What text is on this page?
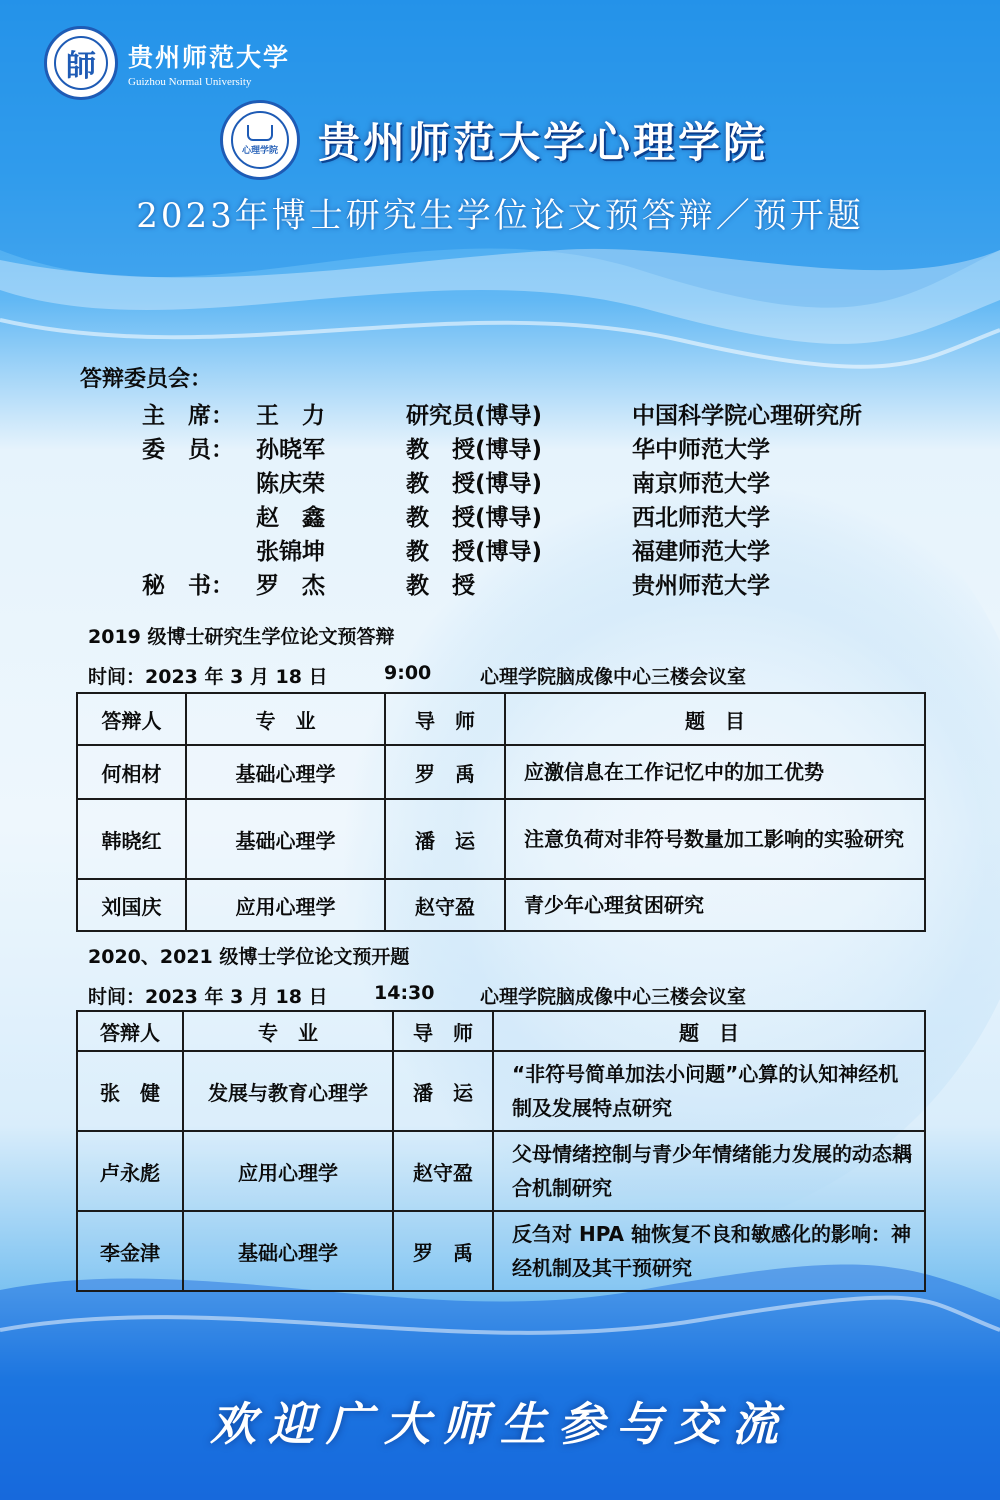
師	贵州师范大学
Guizhou Normal University
心理学院 贵州师范大学心理学院
2023年博士研究生学位论文预答辩／预开题
答辩委员会：
主　席： 王　力	研究员(博导)	中国科学院心理研究所
委　员： 孙晓军	教　授(博导)	华中师范大学
陈庆荣	教　授(博导)	南京师范大学
赵　鑫	教　授(博导)	西北师范大学
张锦坤	教　授(博导)	福建师范大学
秘　书： 罗　杰	教　授	贵州师范大学
2019 级博士研究生学位论文预答辩
时间：2023 年 3 月 18 日	9:00	心理学院脑成像中心三楼会议室
答辩人	专　业	导　师	题　目
何相材	基础心理学	罗　禹	应激信息在工作记忆中的加工优势
韩晓红	基础心理学	潘　运	注意负荷对非符号数量加工影响的实验研究
刘国庆	应用心理学	赵守盈	青少年心理贫困研究
2020、2021 级博士学位论文预开题
时间：2023 年 3 月 18 日 14:30 心理学院脑成像中心三楼会议室
答辩人	专　业	导　师	题　目
张　健	发展与教育心理学	潘　运	“非符号简单加法小问题”心算的认知神经机制及发展特点研究
卢永彪	应用心理学	赵守盈	父母情绪控制与青少年情绪能力发展的动态耦合机制研究
李金津	基础心理学	罗　禹	反刍对 HPA 轴恢复不良和敏感化的影响：神经机制及其干预研究
欢迎广大师生参与交流
